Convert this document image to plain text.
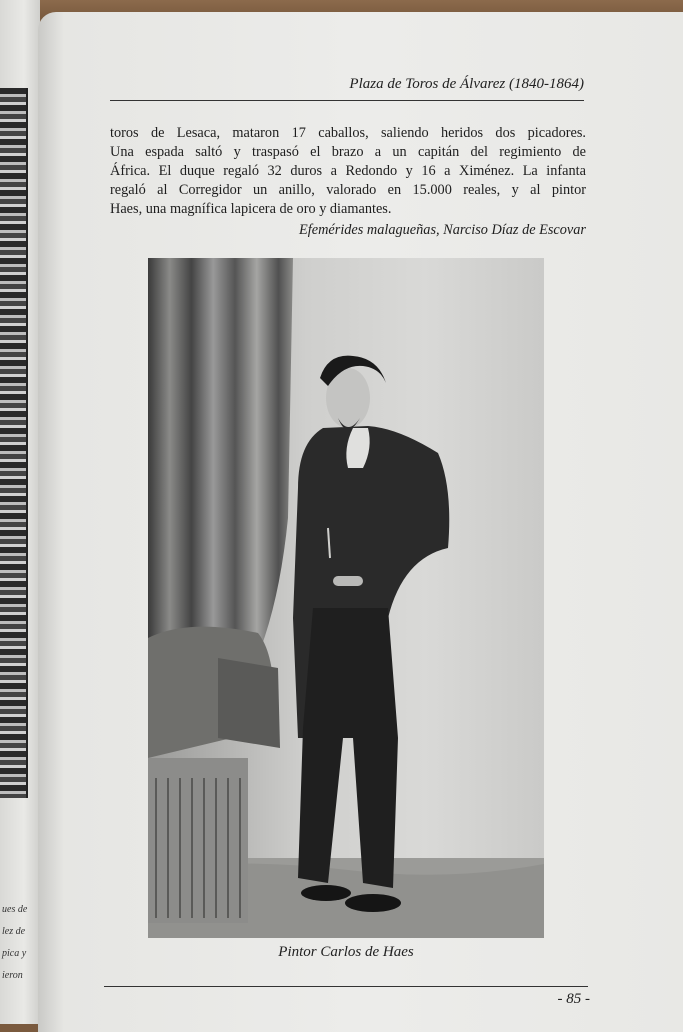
ues de
lez de
pica y
ieron
Plaza de Toros de Álvarez (1840-1864)
toros de Lesaca, mataron 17 caballos, saliendo heridos dos picadores.
Una espada saltó y traspasó el brazo a un capitán del regimiento de
África. El duque regaló 32 duros a Redondo y 16 a Ximénez. La infanta
regaló al Corregidor un anillo, valorado en 15.000 reales, y al pintor
Haes, una magnífica lapicera de oro y diamantes.
Efemérides malagueñas, Narciso Díaz de Escovar
Pintor Carlos de Haes
- 85 -
